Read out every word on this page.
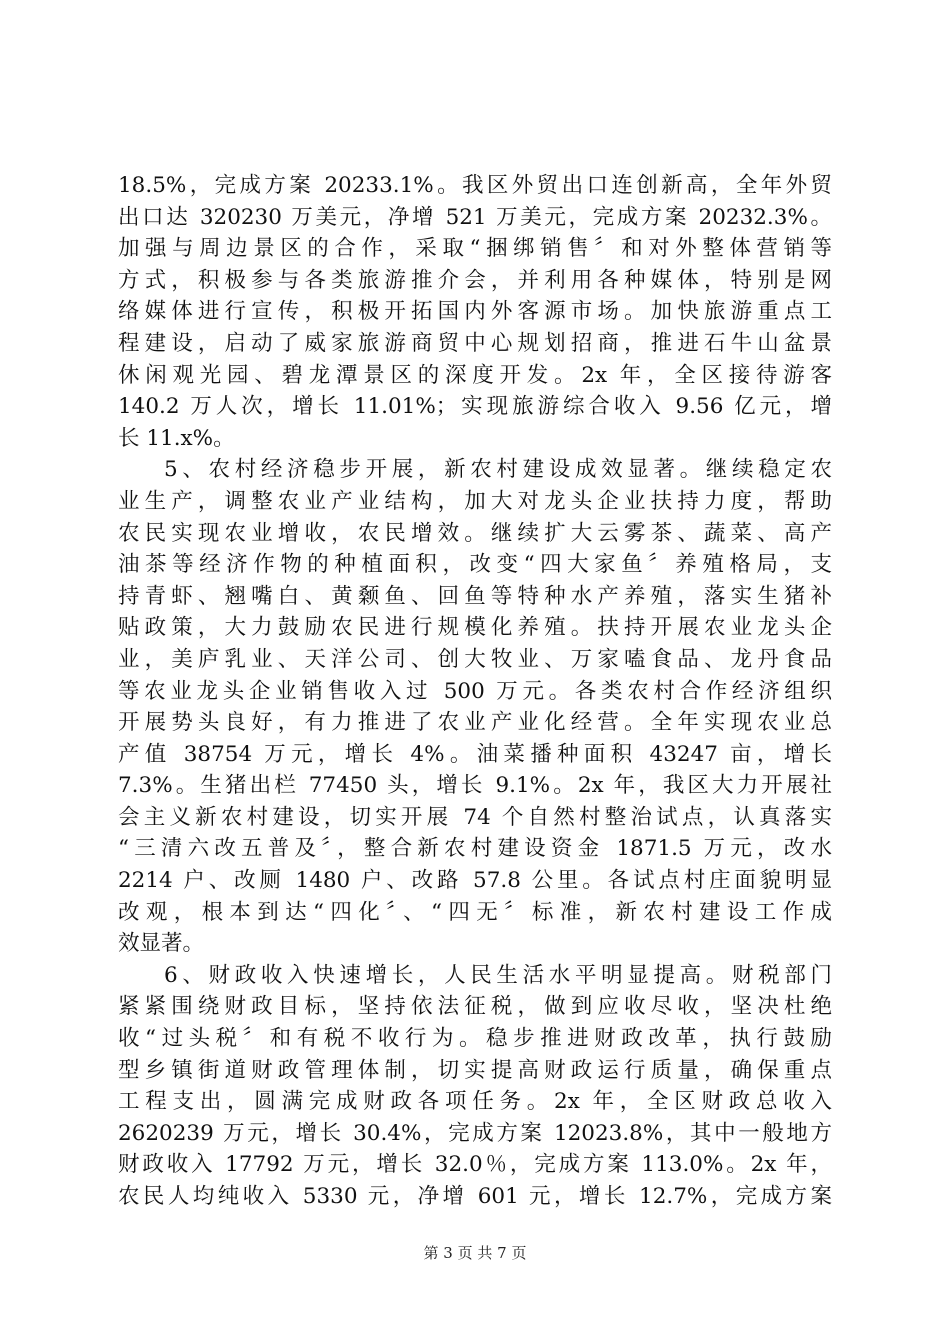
18.5%，完成方案 20233.1%。我区外贸出口连创新高，全年外贸
出口达 320230 万美元，净增 521 万美元，完成方案 20232.3%。
加强与周边景区的合作，采取“捆绑销售〞和对外整体营销等
方式，积极参与各类旅游推介会，并利用各种媒体，特别是网
络媒体进行宣传，积极开拓国内外客源市场。加快旅游重点工
程建设，启动了威家旅游商贸中心规划招商，推进石牛山盆景
休闲观光园、碧龙潭景区的深度开发。2x 年，全区接待游客
140.2 万人次，增长 11.01%；实现旅游综合收入 9.56 亿元，增
长 11.x%。
5、农村经济稳步开展，新农村建设成效显著。继续稳定农
业生产，调整农业产业结构，加大对龙头企业扶持力度，帮助
农民实现农业增收，农民增效。继续扩大云雾茶、蔬菜、高产
油茶等经济作物的种植面积，改变“四大家鱼〞养殖格局，支
持青虾、翘嘴白、黄颡鱼、回鱼等特种水产养殖，落实生猪补
贴政策，大力鼓励农民进行规模化养殖。扶持开展农业龙头企
业，美庐乳业、天洋公司、创大牧业、万家嗑食品、龙丹食品
等农业龙头企业销售收入过 500 万元。各类农村合作经济组织
开展势头良好，有力推进了农业产业化经营。全年实现农业总
产值 38754 万元，增长 4%。油菜播种面积 43247 亩，增长
7.3%。生猪出栏 77450 头，增长 9.1%。2x 年，我区大力开展社
会主义新农村建设，切实开展 74 个自然村整治试点，认真落实
“三清六改五普及〞，整合新农村建设资金 1871.5 万元，改水
2214 户、改厕 1480 户、改路 57.8 公里。各试点村庄面貌明显
改观，根本到达“四化〞、“四无〞标准，新农村建设工作成
效显著。
6、财政收入快速增长，人民生活水平明显提高。财税部门
紧紧围绕财政目标，坚持依法征税，做到应收尽收，坚决杜绝
收“过头税〞和有税不收行为。稳步推进财政改革，执行鼓励
型乡镇街道财政管理体制，切实提高财政运行质量，确保重点
工程支出，圆满完成财政各项任务。2x 年，全区财政总收入
2620239 万元，增长 30.4%，完成方案 12023.8%，其中一般地方
财政收入 17792 万元，增长 32.0％，完成方案 113.0%。2x 年，
农民人均纯收入 5330 元，净增 601 元，增长 12.7%，完成方案
第 3 页 共 7 页
